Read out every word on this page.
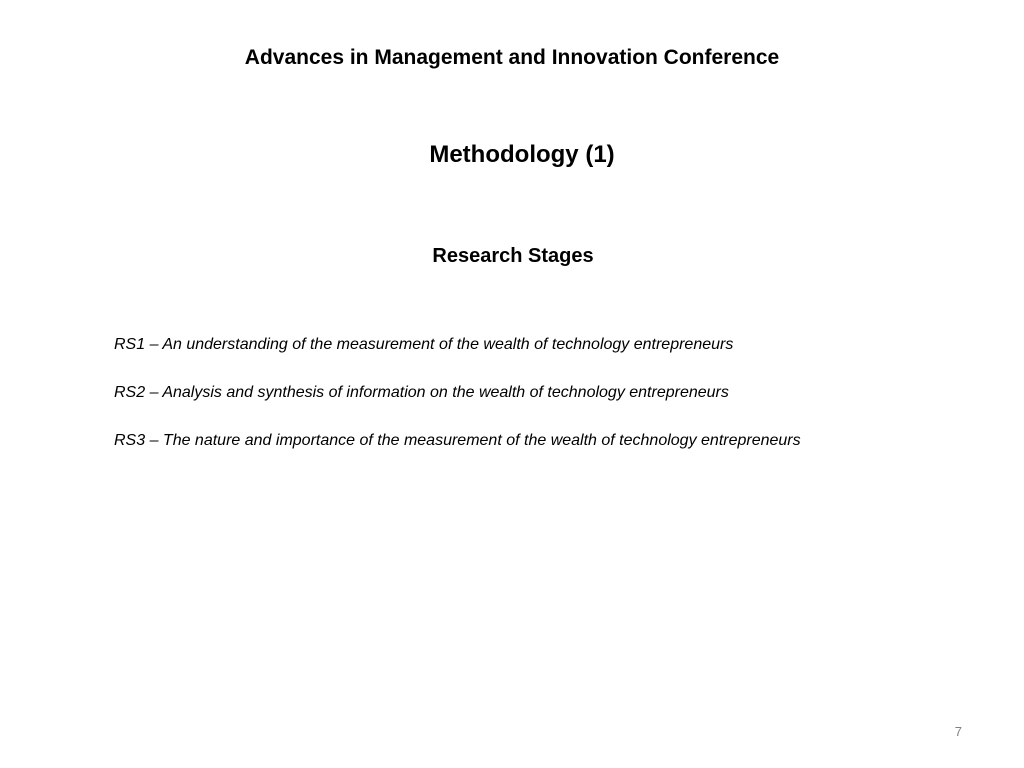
Advances in Management and Innovation Conference
Methodology (1)
Research Stages
RS1 – An understanding of the measurement of the wealth of technology entrepreneurs
RS2 – Analysis and synthesis of information on the wealth of technology entrepreneurs
RS3 – The nature and importance of the measurement of the wealth of technology entrepreneurs
7
